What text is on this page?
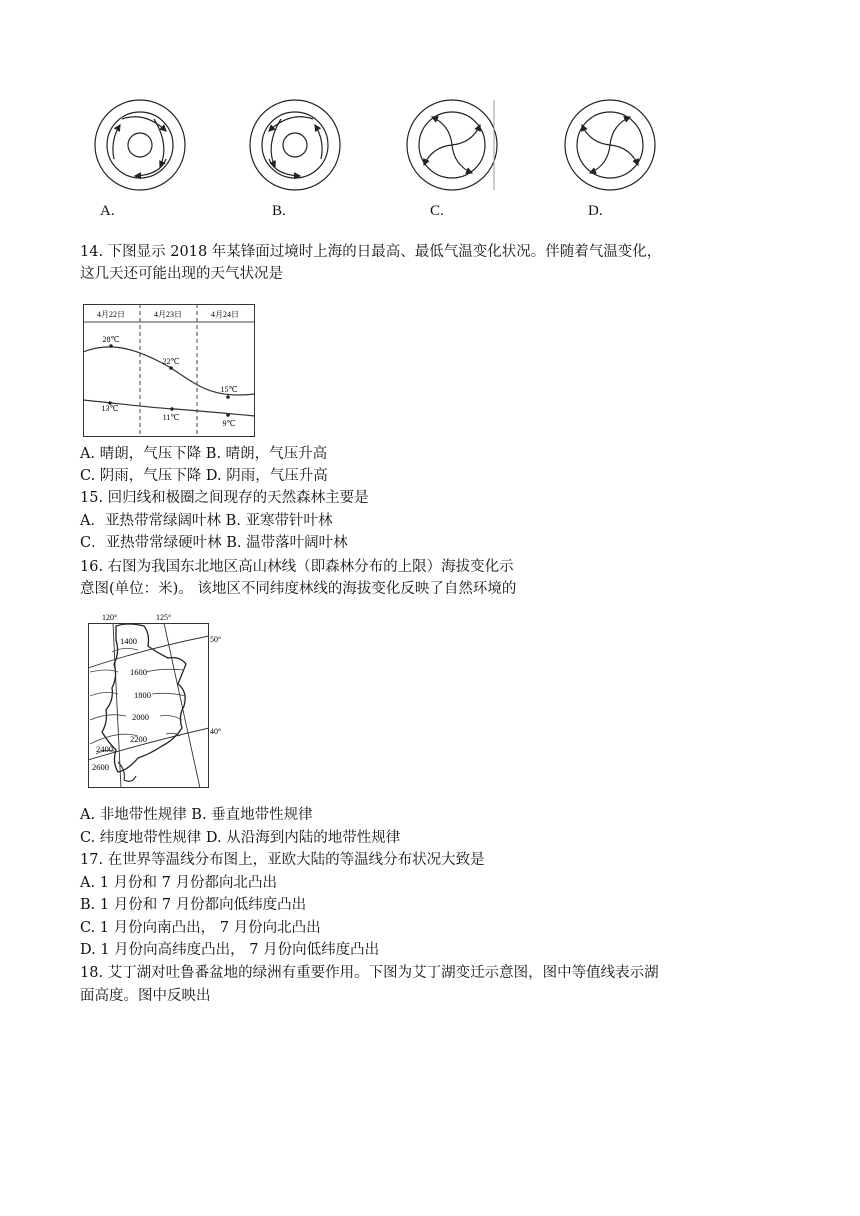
A.	B.	C.	D.
14. 下图显示 2018 年某锋面过境时上海的日最高、最低气温变化状况。伴随着气温变化，
这几天还可能出现的天气状况是
4月22日	4月23日	4月24日
28℃
22℃
15℃
13℃
11℃
9℃
A. 晴朗，气压下降 B. 晴朗，气压升高
C. 阴雨，气压下降 D. 阴雨，气压升高
15. 回归线和极圈之间现存的天然森林主要是
A．亚热带常绿阔叶林 B. 亚寒带针叶林
C．亚热带常绿硬叶林 B. 温带落叶阔叶林
16. 右图为我国东北地区高山林线（即森林分布的上限）海拔变化示
意图(单位：米)。 该地区不同纬度林线的海拔变化反映了自然环境的
120°	125°
50°
40°
1400
1600
1800
2000
2200
2400
2600
A. 非地带性规律 B. 垂直地带性规律
C. 纬度地带性规律 D. 从沿海到内陆的地带性规律
17. 在世界等温线分布图上，亚欧大陆的等温线分布状况大致是
A. 1 月份和 7 月份都向北凸出
B. 1 月份和 7 月份都向低纬度凸出
C. 1 月份向南凸出， 7 月份向北凸出
D. 1 月份向高纬度凸出， 7 月份向低纬度凸出
18. 艾丁湖对吐鲁番盆地的绿洲有重要作用。下图为艾丁湖变迁示意图，图中等值线表示湖
面高度。图中反映出
